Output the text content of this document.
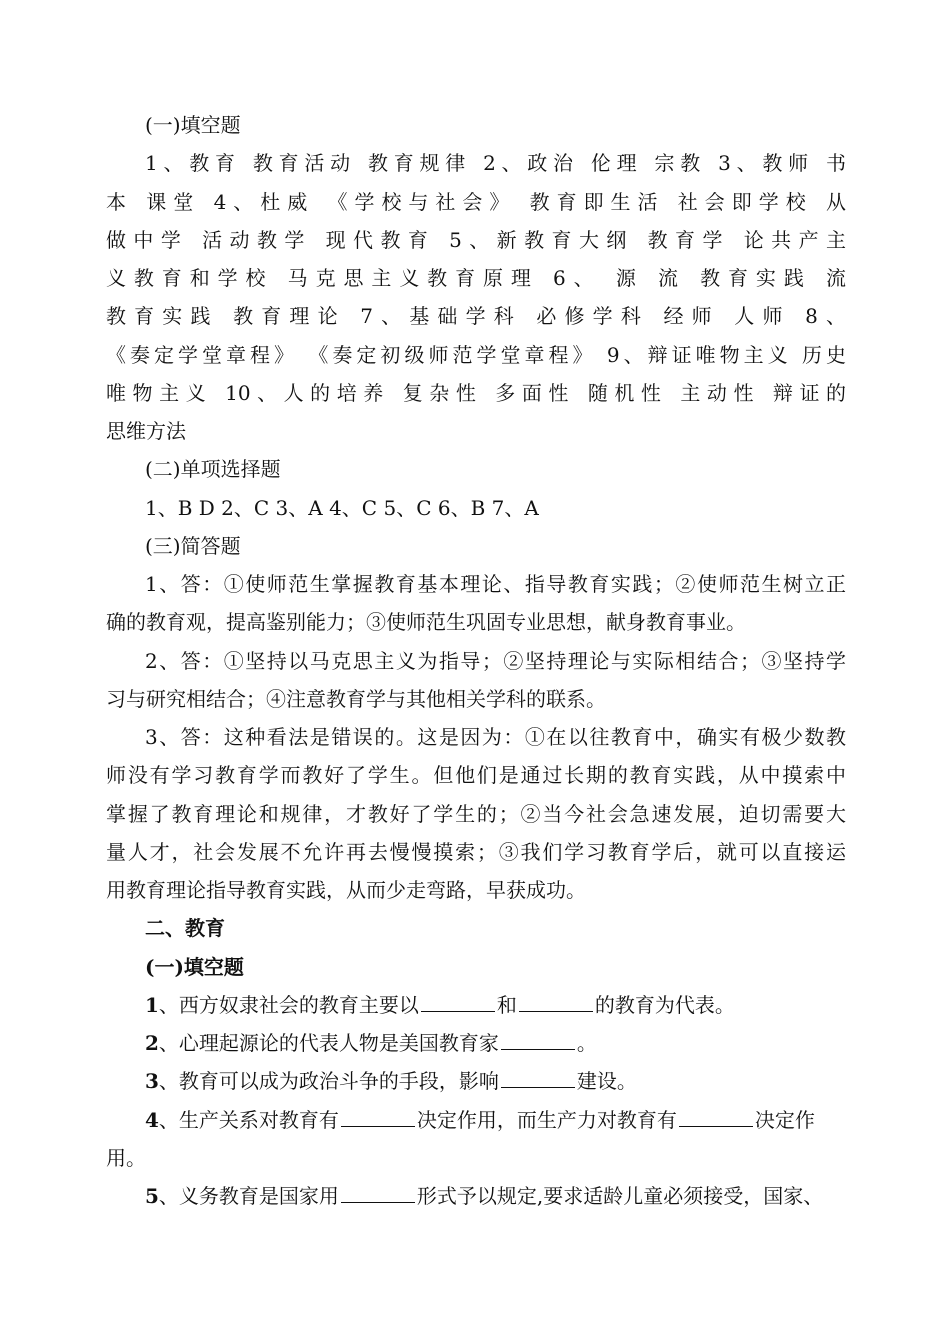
(一)填空题
1、教育 教育活动 教育规律 2、政治 伦理 宗教 3、教师 书
本 课堂 4、杜威 《学校与社会》 教育即生活 社会即学校 从
做中学 活动教学 现代教育 5、新教育大纲 教育学 论共产主
义教育和学校 马克思主义教育原理 6、 源 流 教育实践 流
教育实践 教育理论 7、基础学科 必修学科 经师 人师 8、
《奏定学堂章程》 《奏定初级师范学堂章程》 9、辩证唯物主义 历史
唯物主义 10、人的培养 复杂性 多面性 随机性 主动性 辩证的
思维方法
(二)单项选择题
1、B D 2、C 3、A 4、C 5、C 6、B 7、A
(三)简答题
1、答：①使师范生掌握教育基本理论、指导教育实践；②使师范生树立正
确的教育观，提高鉴别能力；③使师范生巩固专业思想，献身教育事业。
2、答：①坚持以马克思主义为指导；②坚持理论与实际相结合；③坚持学
习与研究相结合；④注意教育学与其他相关学科的联系。
3、答：这种看法是错误的。这是因为：①在以往教育中，确实有极少数教
师没有学习教育学而教好了学生。但他们是通过长期的教育实践，从中摸索中
掌握了教育理论和规律，才教好了学生的；②当今社会急速发展，迫切需要大
量人才，社会发展不允许再去慢慢摸索；③我们学习教育学后，就可以直接运
用教育理论指导教育实践，从而少走弯路，早获成功。
二、教育
(一)填空题
1、西方奴隶社会的教育主要以	和	的教育为代表。
2、心理起源论的代表人物是美国教育家	。
3、教育可以成为政治斗争的手段，影响	建设。
4、生产关系对教育有	决定作用，而生产力对教育有	决定作
用。
5、义务教育是国家用	形式予以规定,要求适龄儿童必须接受，国家、
